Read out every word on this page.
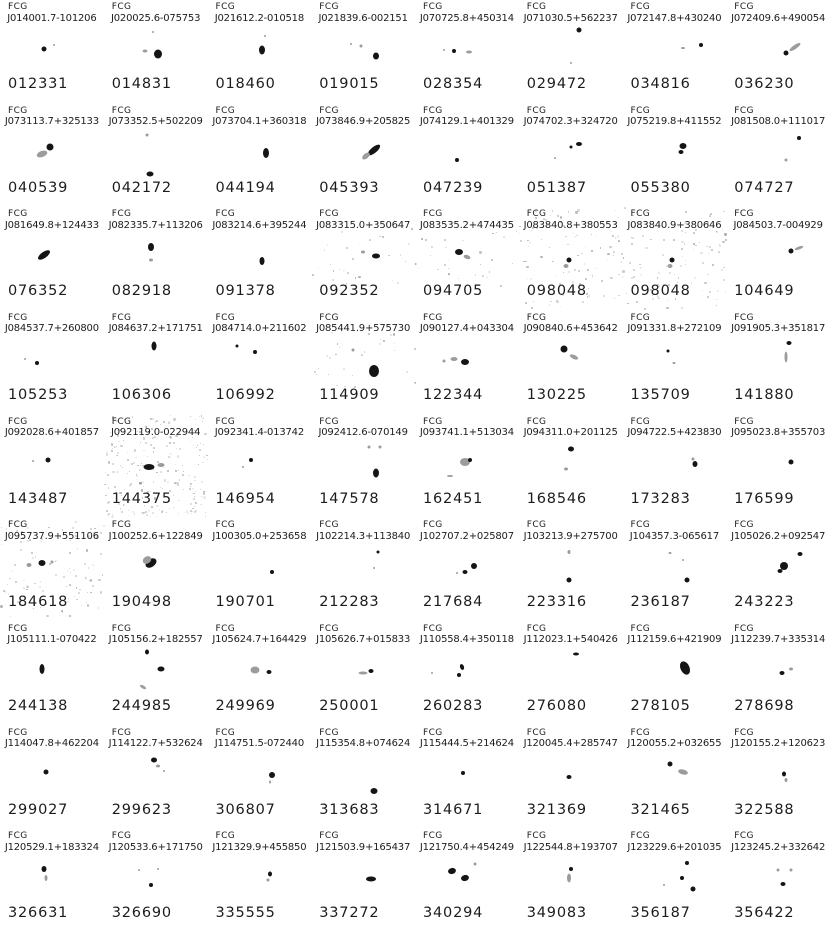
FCG
J014001.7-101206
012331
FCG
J020025.6-075753
014831
FCG
J021612.2-010518
018460
FCG
J021839.6-002151
019015
FCG
J070725.8+450314
028354
FCG
J071030.5+562237
029472
FCG
J072147.8+430240
034816
FCG
J072409.6+490054
036230
FCG
J073113.7+325133
040539
FCG
J073352.5+502209
042172
FCG
J073704.1+360318
044194
FCG
J073846.9+205825
045393
FCG
J074129.1+401329
047239
FCG
J074702.3+324720
051387
FCG
J075219.8+411552
055380
FCG
J081508.0+111017
074727
FCG
J081649.8+124433
076352
FCG
J082335.7+113206
082918
FCG
J083214.6+395244
091378
FCG
J083315.0+350647
092352
FCG
J083535.2+474435
094705
FCG
J083840.8+380553
098048
FCG
J083840.9+380646
098048
FCG
J084503.7-004929
104649
FCG
J084537.7+260800
105253
FCG
J084637.2+171751
106306
FCG
J084714.0+211602
106992
FCG
J085441.9+575730
114909
FCG
J090127.4+043304
122344
FCG
J090840.6+453642
130225
FCG
J091331.8+272109
135709
FCG
J091905.3+351817
141880
FCG
J092028.6+401857
143487
FCG
J092119.0-022944
144375
FCG
J092341.4-013742
146954
FCG
J092412.6-070149
147578
FCG
J093741.1+513034
162451
FCG
J094311.0+201125
168546
FCG
J094722.5+423830
173283
FCG
J095023.8+355703
176599
FCG
J095737.9+551106
184618
FCG
J100252.6+122849
190498
FCG
J100305.0+253658
190701
FCG
J102214.3+113840
212283
FCG
J102707.2+025807
217684
FCG
J103213.9+275700
223316
FCG
J104357.3-065617
236187
FCG
J105026.2+092547
243223
FCG
J105111.1-070422
244138
FCG
J105156.2+182557
244985
FCG
J105624.7+164429
249969
FCG
J105626.7+015833
250001
FCG
J110558.4+350118
260283
FCG
J112023.1+540426
276080
FCG
J112159.6+421909
278105
FCG
J112239.7+335314
278698
FCG
J114047.8+462204
299027
FCG
J114122.7+532624
299623
FCG
J114751.5-072440
306807
FCG
J115354.8+074624
313683
FCG
J115444.5+214624
314671
FCG
J120045.4+285747
321369
FCG
J120055.2+032655
321465
FCG
J120155.2+120623
322588
FCG
J120529.1+183324
326631
FCG
J120533.6+171750
326690
FCG
J121329.9+455850
335555
FCG
J121503.9+165437
337272
FCG
J121750.4+454249
340294
FCG
J122544.8+193707
349083
FCG
J123229.6+201035
356187
FCG
J123245.2+332642
356422
